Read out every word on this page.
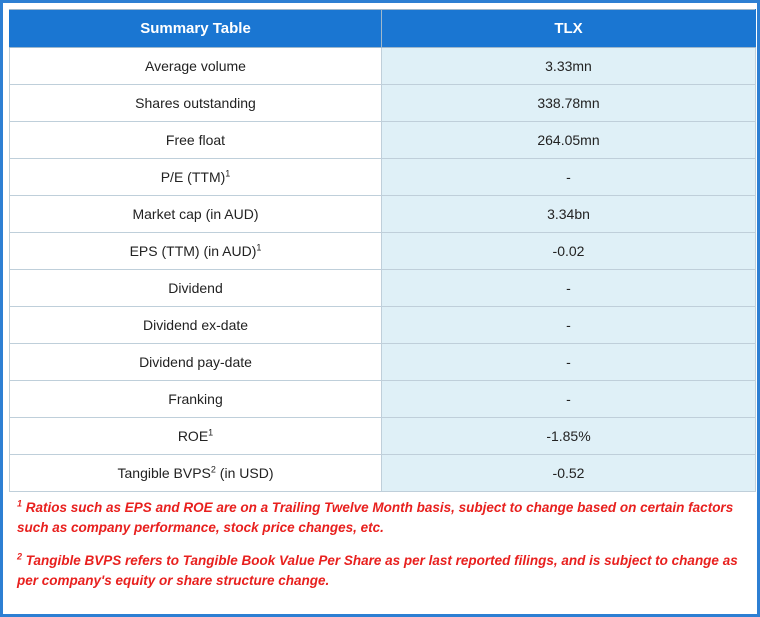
Summary Table	TLX
Average volume	3.33mn
Shares outstanding	338.78mn
Free float	264.05mn
P/E (TTM)$^1$	-
Market cap (in AUD)	3.34bn
EPS (TTM) (in AUD)$^1$	-0.02
Dividend	-
Dividend ex-date	-
Dividend pay-date	-
Franking	-
ROE$^1$	-1.85%
Tangible BVPS$^2$ (in USD)	-0.52

$^1$ Ratios such as EPS and ROE are on a Trailing Twelve Month basis, subject to change based on certain factors such as company performance, stock price changes, etc.

$^2$ Tangible BVPS refers to Tangible Book Value Per Share as per last reported filings, and is subject to change as per company's equity or share structure change.
